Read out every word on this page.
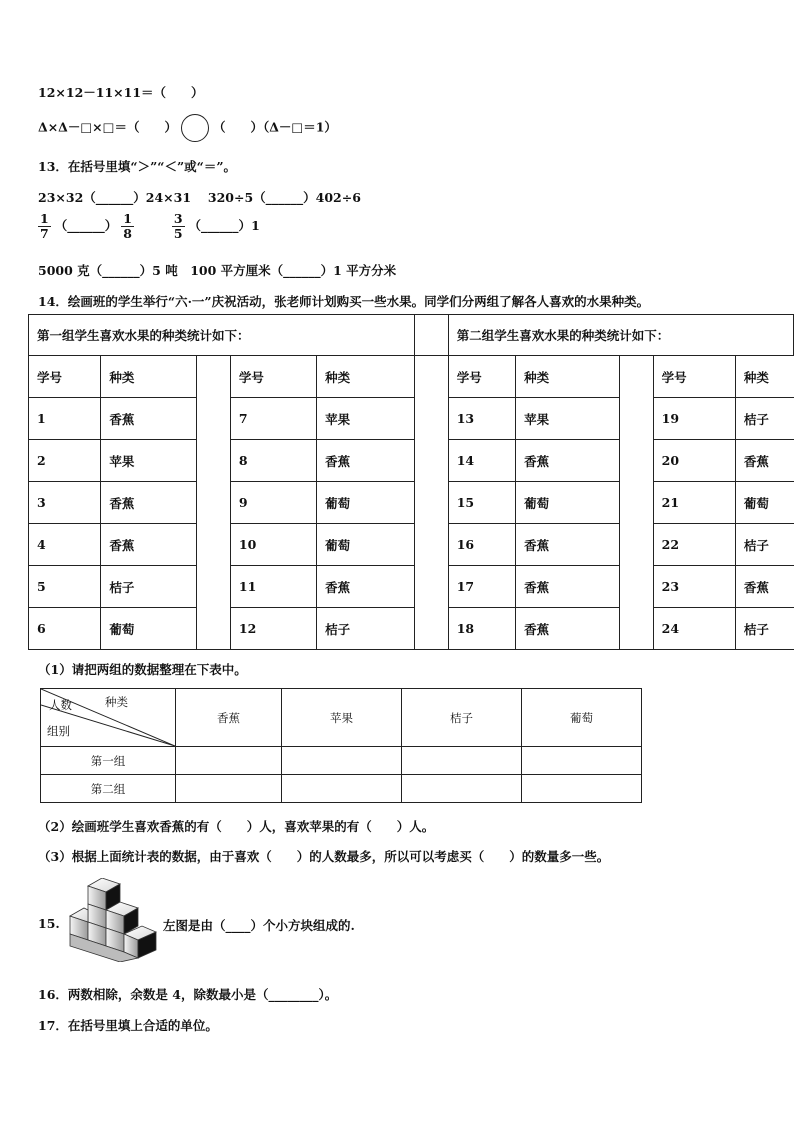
12×12－11×11＝（　　）
Δ×Δ－□×□＝（　　）	（　　）（Δ－□＝1）
13．在括号里填“＞”“＜”或“＝”。
23×32（______）24×31　 320÷5（______）402÷6
$\frac{1}{7}$ （______） $\frac{1}{8}$
	$\frac{3}{5}$ （______）1
5000 克（______）5 吨　100 平方厘米（______）1 平方分米
14．绘画班的学生举行“六·一”庆祝活动，张老师计划购买一些水果。同学们分两组了解各人喜欢的水果种类。
第一组学生喜欢水果的种类统计如下：						第二组学生喜欢水果的种类统计如下：				
学号	种类		学号	种类		学号	种类		学号	种类
1	香蕉		7	苹果		13	苹果		19	桔子
2	苹果		8	香蕉		14	香蕉		20	香蕉
3	香蕉		9	葡萄		15	葡萄		21	葡萄
4	香蕉		10	葡萄		16	香蕉		22	桔子
5	桔子		11	香蕉		17	香蕉		23	香蕉
6	葡萄		12	桔子		18	香蕉		24	桔子
（1）请把两组的数据整理在下表中。
种类
人数
组别	香蕉	苹果	桔子	葡萄
第一组				
第二组				
（2）绘画班学生喜欢香蕉的有（　　）人，喜欢苹果的有（　　）人。
（3）根据上面统计表的数据，由于喜欢（　　）的人数最多，所以可以考虑买（　　）的数量多一些。
15.	左图是由（____）个小方块组成的.
16．两数相除，余数是 4，除数最小是（________）。
17．在括号里填上合适的单位。
